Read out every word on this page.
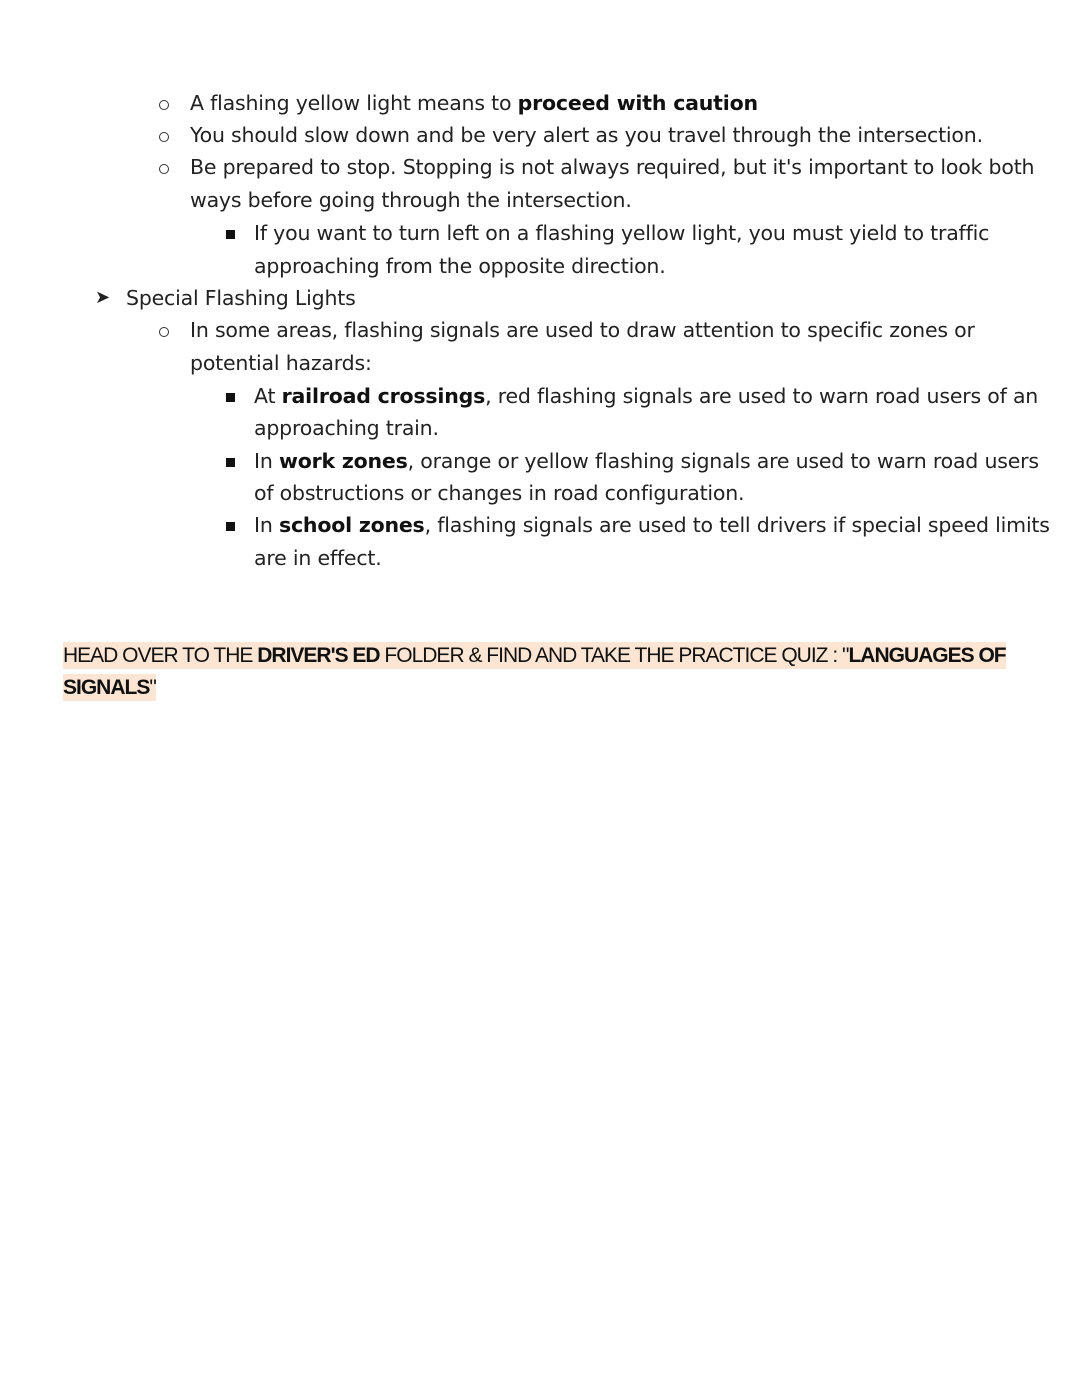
A flashing yellow light means to proceed with caution
You should slow down and be very alert as you travel through the intersection.
Be prepared to stop. Stopping is not always required, but it's important to look both
ways before going through the intersection.
If you want to turn left on a flashing yellow light, you must yield to traffic
approaching from the opposite direction.
➤ Special Flashing Lights
In some areas, flashing signals are used to draw attention to specific zones or
potential hazards:
At railroad crossings, red flashing signals are used to warn road users of an
approaching train.
In work zones, orange or yellow flashing signals are used to warn road users
of obstructions or changes in road configuration.
In school zones, flashing signals are used to tell drivers if special speed limits
are in effect.
HEAD OVER TO THE DRIVER'S ED FOLDER & FIND AND TAKE THE PRACTICE QUIZ : "LANGUAGES OF SIGNALS"
